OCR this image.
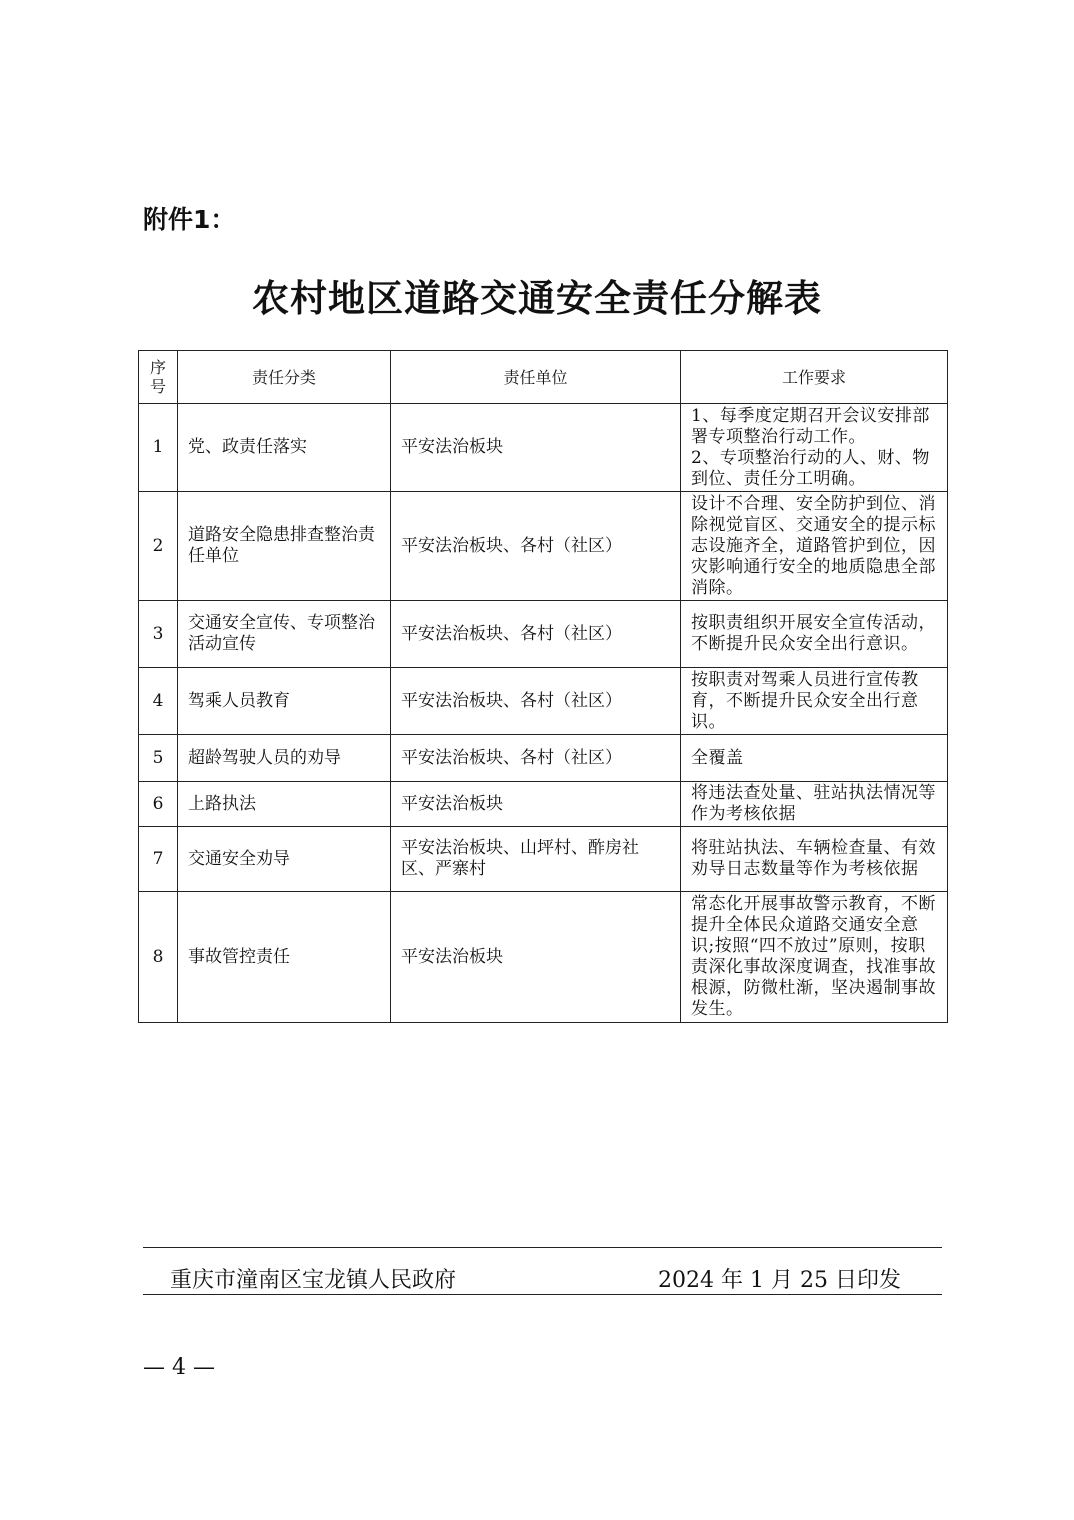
附件1：
农村地区道路交通安全责任分解表
序号	责任分类	责任单位	工作要求
1	党、政责任落实	平安法治板块	1、每季度定期召开会议安排部署专项整治行动工作。
2、专项整治行动的人、财、物到位、责任分工明确。
2	道路安全隐患排查整治责任单位	平安法治板块、各村（社区）	设计不合理、安全防护到位、消除视觉盲区、交通安全的提示标志设施齐全，道路管护到位，因灾影响通行安全的地质隐患全部消除。
3	交通安全宣传、专项整治活动宣传	平安法治板块、各村（社区）	按职责组织开展安全宣传活动，不断提升民众安全出行意识。
4	驾乘人员教育	平安法治板块、各村（社区）	按职责对驾乘人员进行宣传教育，不断提升民众安全出行意识。
5	超龄驾驶人员的劝导	平安法治板块、各村（社区）	全覆盖
6	上路执法	平安法治板块	将违法查处量、驻站执法情况等作为考核依据
7	交通安全劝导	平安法治板块、山坪村、酢房社区、严寨村	将驻站执法、车辆检查量、有效劝导日志数量等作为考核依据
8	事故管控责任	平安法治板块	常态化开展事故警示教育，不断提升全体民众道路交通安全意识;按照“四不放过”原则，按职责深化事故深度调查，找准事故根源，防微杜渐，坚决遏制事故发生。
重庆市潼南区宝龙镇人民政府	2024 年 1 月 25 日印发
— 4 —
